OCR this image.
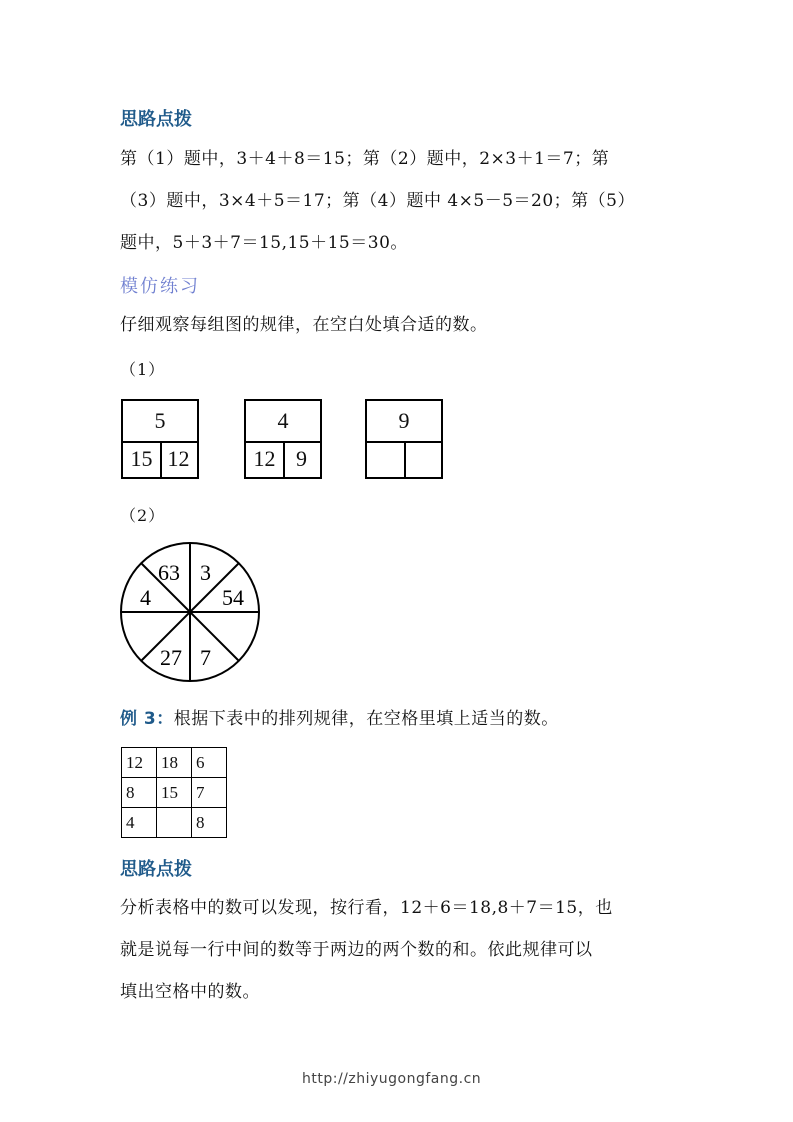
思路点拨
第（1）题中，3＋4＋8＝15；第（2）题中，2×3＋1＝7；第
（3）题中，3×4＋5＝17；第（4）题中 4×5－5＝20；第（5）
题中，5＋3＋7＝15,15＋15＝30。
模仿练习
仔细观察每组图的规律，在空白处填合适的数。
（1）
5
15 12
4
12 9
9
（2）
63 3
54
7
27
4
例 3：根据下表中的排列规律，在空格里填上适当的数。
12	18	6
8	15	7
4		8
思路点拨
分析表格中的数可以发现，按行看，12＋6＝18,8＋7＝15，也
就是说每一行中间的数等于两边的两个数的和。依此规律可以
填出空格中的数。
http://zhiyugongfang.cn
